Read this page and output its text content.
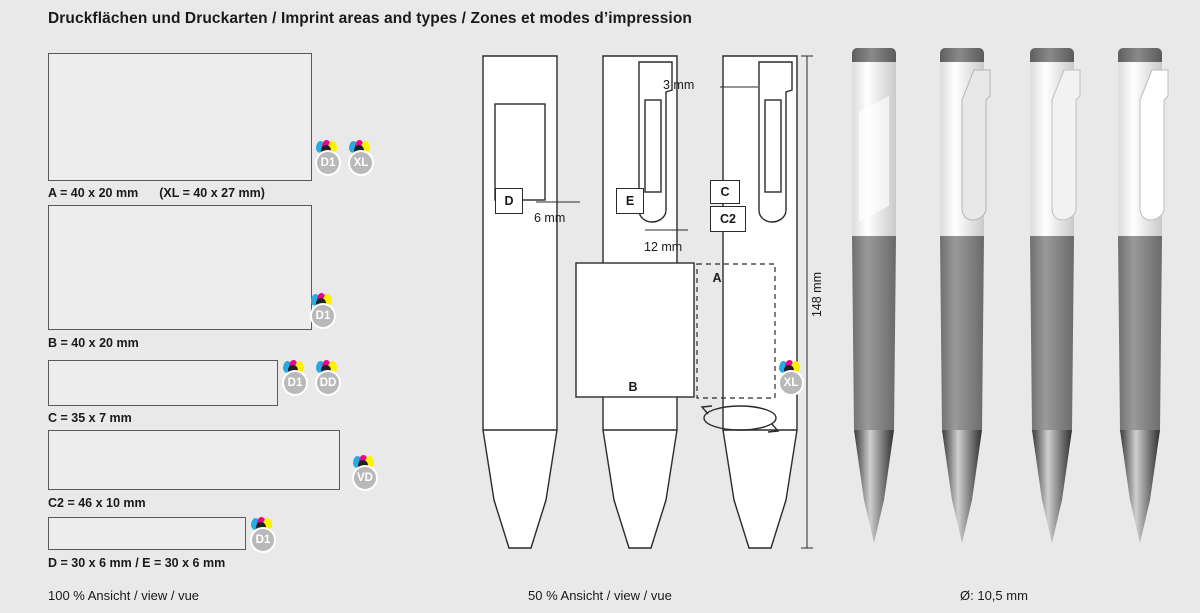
Druckflächen und Druckarten / Imprint areas and types / Zones et modes d’impression
A = 40 x 20 mm (XL = 40 x 27 mm)
D1	XL
B = 40 x 20 mm
D1
C = 35 x 7 mm
D1	DD
C2 = 46 x 10 mm
VD
D = 30 x 6 mm / E = 30 x 6 mm
D1
100 % Ansicht / view / vue
D	E
C
C2
A
B
3 mm
6 mm
12 mm
148 mm
XL
50 % Ansicht / view / vue	Ø: 10,5 mm
